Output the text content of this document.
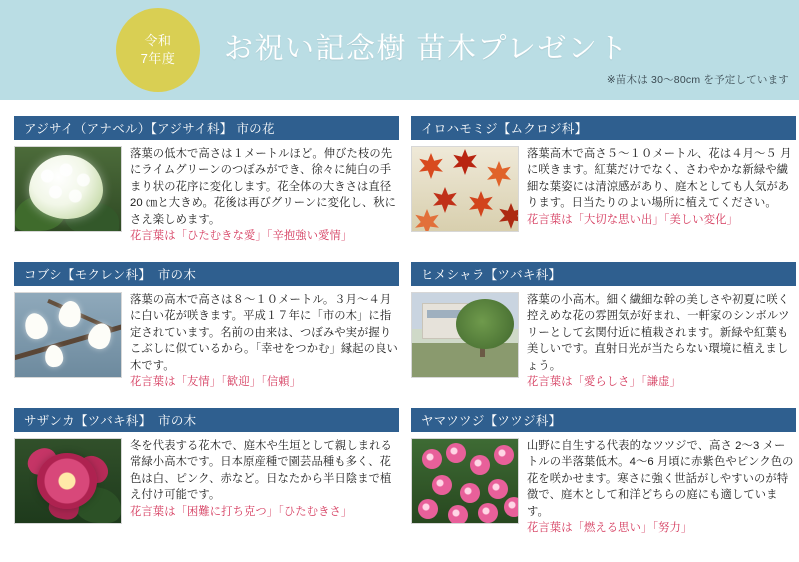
令和
7年度 お祝い記念樹 苗木プレゼント
※苗木は 30〜80cm を予定しています
アジサイ（アナベル）【アジサイ科】 市の花

落葉の低木で高さは１メートルほど。伸びた枝の先にライムグリーンのつぼみができ、徐々に純白の手まり状の花序に変化します。花全体の大きさは直径 20 ㎝と大きめ。花後は再びグリーンに変化し、秋にさえ楽しめます。

花言葉は「ひたむきな愛」「辛抱強い愛情」

イロハモミジ【ムクロジ科】

落葉高木で高さ５〜１０メートル、花は４月〜５ 月に咲きます。紅葉だけでなく、さわやかな新緑や繊細な葉姿には清涼感があり、庭木としても人気があります。日当たりのよい場所に植えてください。

花言葉は「大切な思い出」「美しい変化」

コブシ【モクレン科】　市の木

落葉の高木で高さは８〜１０メートル。３月〜４月に白い花が咲きます。平成１７年に「市の木」に指定されています。名前の由来は、つぼみや実が握りこぶしに似ているから。「幸せをつかむ」縁起の良い木です。

花言葉は「友情」「歓迎」「信頼」

ヒメシャラ【ツバキ科】

落葉の小高木。細く繊細な幹の美しさや初夏に咲く控えめな花の雰囲気が好まれ、一軒家のシンボルツリーとして玄関付近に植栽されます。新緑や紅葉も美しいです。直射日光が当たらない環境に植えましょう。

花言葉は「愛らしさ」「謙虚」

サザンカ【ツバキ科】　市の木

冬を代表する花木で、庭木や生垣として親しまれる常緑小高木です。日本原産種で園芸品種も多く、花色は白、ピンク、赤など。日なたから半日陰まで植え付け可能です。

花言葉は「困難に打ち克つ」「ひたむきさ」

ヤマツツジ【ツツジ科】

山野に自生する代表的なツツジで、高さ 2〜3 メートルの半落葉低木。4〜6 月頃に赤紫色やピンク色の花を咲かせます。寒さに強く世話がしやすいのが特徴で、庭木として和洋どちらの庭にも適しています。

花言葉は「燃える思い」「努力」
